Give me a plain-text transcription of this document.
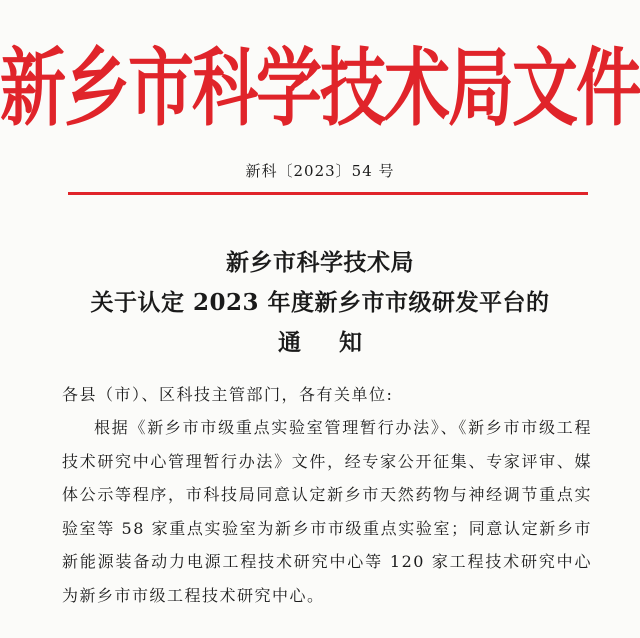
新乡市科学技术局文件
新科〔2023〕54 号
新乡市科学技术局
关于认定 2023 年度新乡市市级研发平台的
通知
各县（市）、区科技主管部门，各有关单位:
根据《新乡市市级重点实验室管理暂行办法》、《新乡市市级工程技术研究中心管理暂行办法》文件，经专家公开征集、专家评审、媒体公示等程序，市科技局同意认定新乡市天然药物与神经调节重点实验室等 58 家重点实验室为新乡市市级重点实验室；同意认定新乡市新能源装备动力电源工程技术研究中心等 120 家工程技术研究中心为新乡市市级工程技术研究中心。
